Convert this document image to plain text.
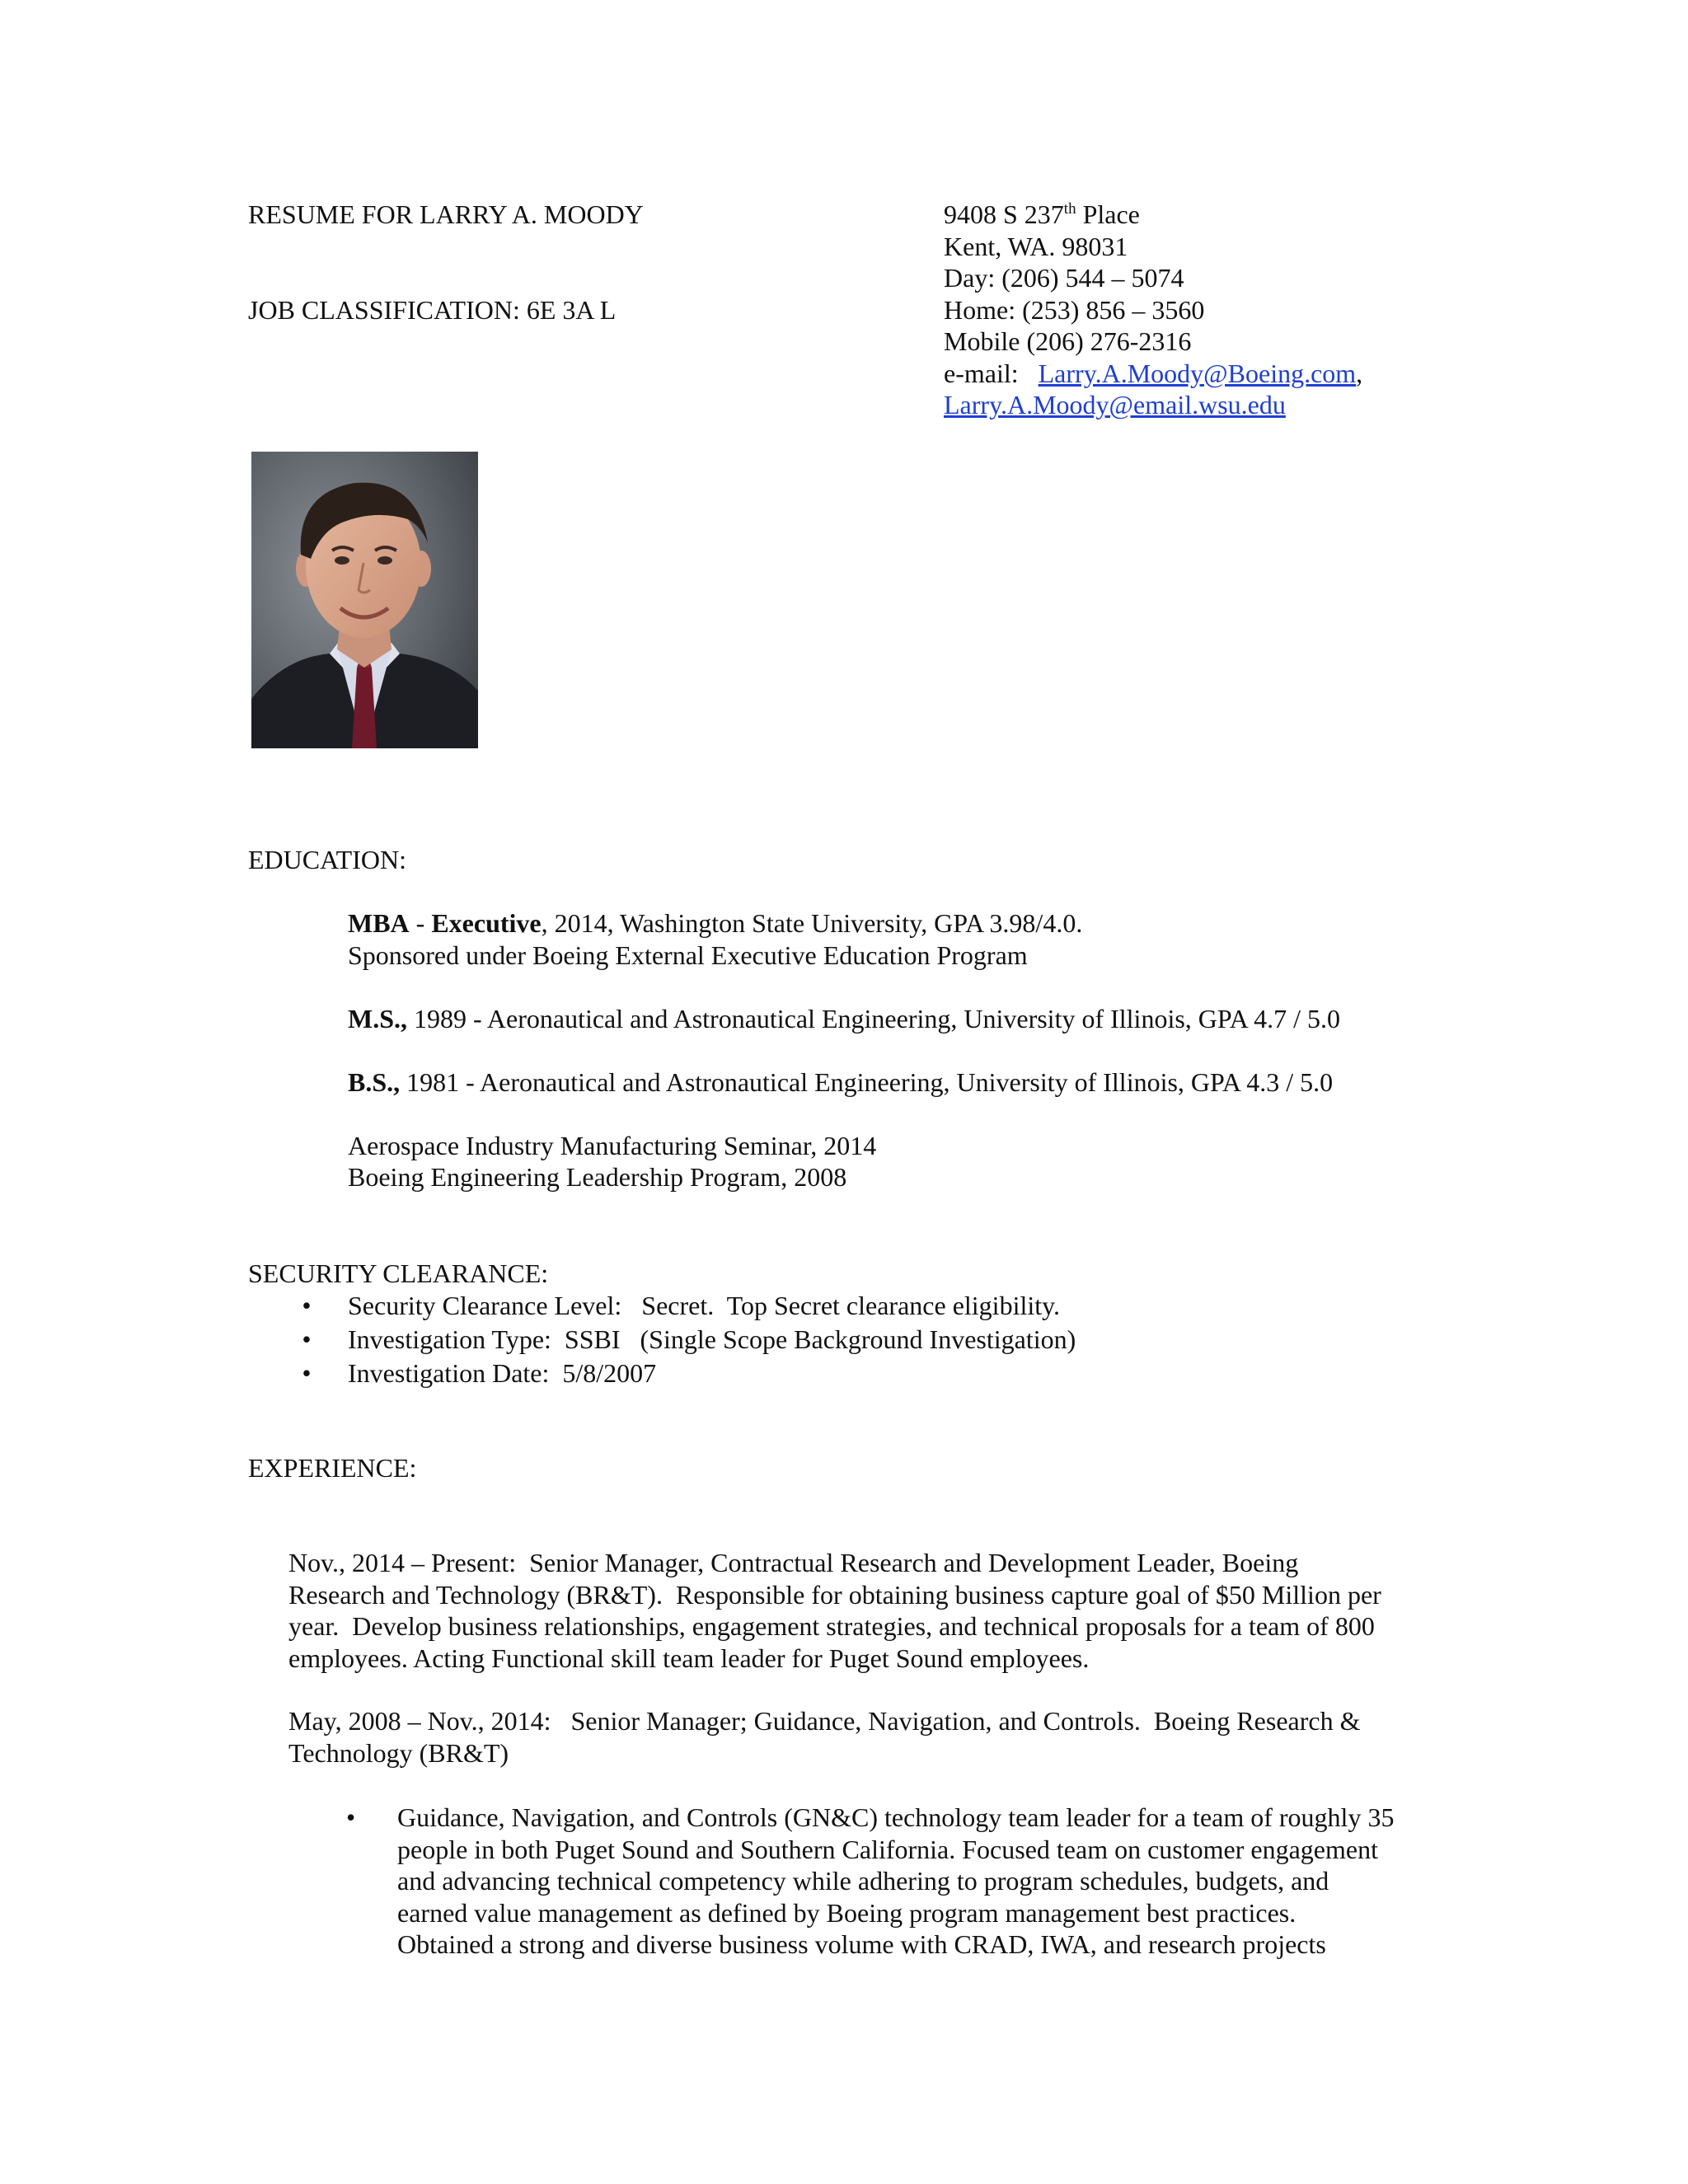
RESUME FOR LARRY A. MOODY
JOB CLASSIFICATION: 6E 3A L
9408 S 237th Place
Kent, WA. 98031
Day: (206) 544 – 5074
Home: (253) 856 – 3560
Mobile (206) 276-2316
e-mail:   Larry.A.Moody@Boeing.com,
Larry.A.Moody@email.wsu.edu
EDUCATION:
MBA - Executive, 2014, Washington State University, GPA 3.98/4.0.
Sponsored under Boeing External Executive Education Program
M.S., 1989 - Aeronautical and Astronautical Engineering, University of Illinois, GPA 4.7 / 5.0
B.S., 1981 - Aeronautical and Astronautical Engineering, University of Illinois, GPA 4.3 / 5.0
Aerospace Industry Manufacturing Seminar, 2014
Boeing Engineering Leadership Program, 2008
SECURITY CLEARANCE:
• Security Clearance Level:   Secret.  Top Secret clearance eligibility.
• Investigation Type:  SSBI   (Single Scope Background Investigation)
• Investigation Date:  5/8/2007
EXPERIENCE:
Nov., 2014 – Present:  Senior Manager, Contractual Research and Development Leader, Boeing
Research and Technology (BR&T).  Responsible for obtaining business capture goal of $50 Million per
year.  Develop business relationships, engagement strategies, and technical proposals for a team of 800
employees. Acting Functional skill team leader for Puget Sound employees.
May, 2008 – Nov., 2014:   Senior Manager; Guidance, Navigation, and Controls.  Boeing Research &
Technology (BR&T)
• Guidance, Navigation, and Controls (GN&C) technology team leader for a team of roughly 35
people in both Puget Sound and Southern California. Focused team on customer engagement
and advancing technical competency while adhering to program schedules, budgets, and
earned value management as defined by Boeing program management best practices.
Obtained a strong and diverse business volume with CRAD, IWA, and research projects
